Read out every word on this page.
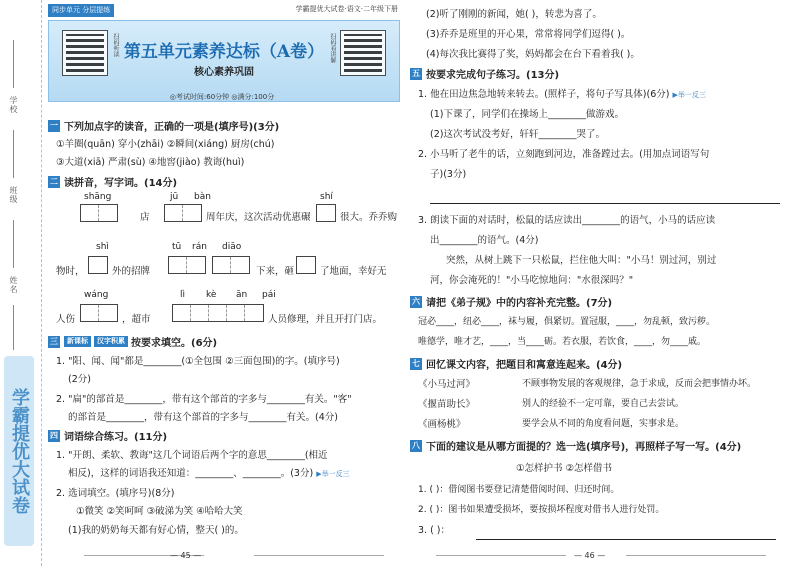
学校
班级
姓名
学霸提优大试卷
同步单元 分层提练	学霸提优大试卷·语文·二年级下册
扫码听读 第五单元素养达标（A卷）
核心素养巩固
扫码看讲解
◎考试时间:60分钟 ◎满分:100分
一 下列加点字的读音，正确的一项是(填序号)(3分)
①羊圈(quān) 穿小(zhāi) ②瞬间(xiáng) 厨房(chú)
③大道(xiā) 严肃(sù) ④地窖(jiào) 教诲(huì)
二 读拼音，写字词。(14分)
shāng	jū bàn	shí
店	周年庆，这次活动优惠碾	很大。乔乔购
shì	tū rán diāo
物时，	外的招牌	下来，砸	了地面，幸好无
wáng	lì kè ān pái
人伤	，超市	人员修理，并且开打门店。
三	新课标	汉字积累 按要求填空。(6分)
1. "阳、闻、闻"都是________(①全包围 ②三面包围)的字。(填序号)
(2分)
2. "扁"的部首是________，带有这个部首的字多与________有关。"客"
的部首是________，带有这个部首的字多与________有关。(4分)
四 词语综合练习。(11分)
1. "开朗、柔软、教诲"这几个词语后两个字的意思________(相近
相反)，这样的词语我还知道：________、________。(3分) ▶举一反三
2. 选词填空。(填序号)(8分)
①微笑 ②笑呵呵 ③破涕为笑 ④哈哈大笑
(1)我的奶奶每天都有好心情，整天( )的。
— 45 —
(2)听了刚刚的新闻，她( )，转悲为喜了。
(3)乔乔是班里的开心果，常常将同学们逗得( )。
(4)每次我比赛得了奖，妈妈都会在台下看着我( )。
五 按要求完成句子练习。(13分)
1. 他在田边焦急地转来转去。(照样子，将句子写具体)(6分) ▶举一反三
(1)下课了，同学们在操场上________做游戏。
(2)这次考试没考好，轩轩________哭了。
2. 小马听了老牛的话，立刻跑到河边，准备蹚过去。(用加点词语写句
子)(3分)
3. 朗读下面的对话时，松鼠的话应读出________的语气，小马的话应读
出________的语气。(4分)
突然，从树上跳下一只松鼠，拦住他大叫："小马！别过河，别过
河，你会淹死的！"小马吃惊地问："水很深吗？"
六 请把《弟子规》中的内容补充完整。(7分)
冠必____，纽必____，袜与履，俱紧切。置冠服，____，勿乱顿，致污秽。
唯德学，唯才艺，____，当____砺。若衣服，若饮食，____，勿____戚。
七 回忆课文内容，把题目和寓意连起来。(4分)
《小马过河》	不顾事物发展的客观规律，急于求成，反而会把事情办坏。
《揠苗助长》	别人的经验不一定可靠，要自己去尝试。
《画杨桃》	要学会从不同的角度看问题，实事求是。
八 下面的建议是从哪方面提的？选一选(填序号)，再照样子写一写。(4分)
①怎样护书 ②怎样借书
1. ( )：借阅图书要登记清楚借阅时间、归还时间。
2. ( )：图书如果遭受损坏，要按损坏程度对借书人进行处罚。
3. ( )：
— 46 —
